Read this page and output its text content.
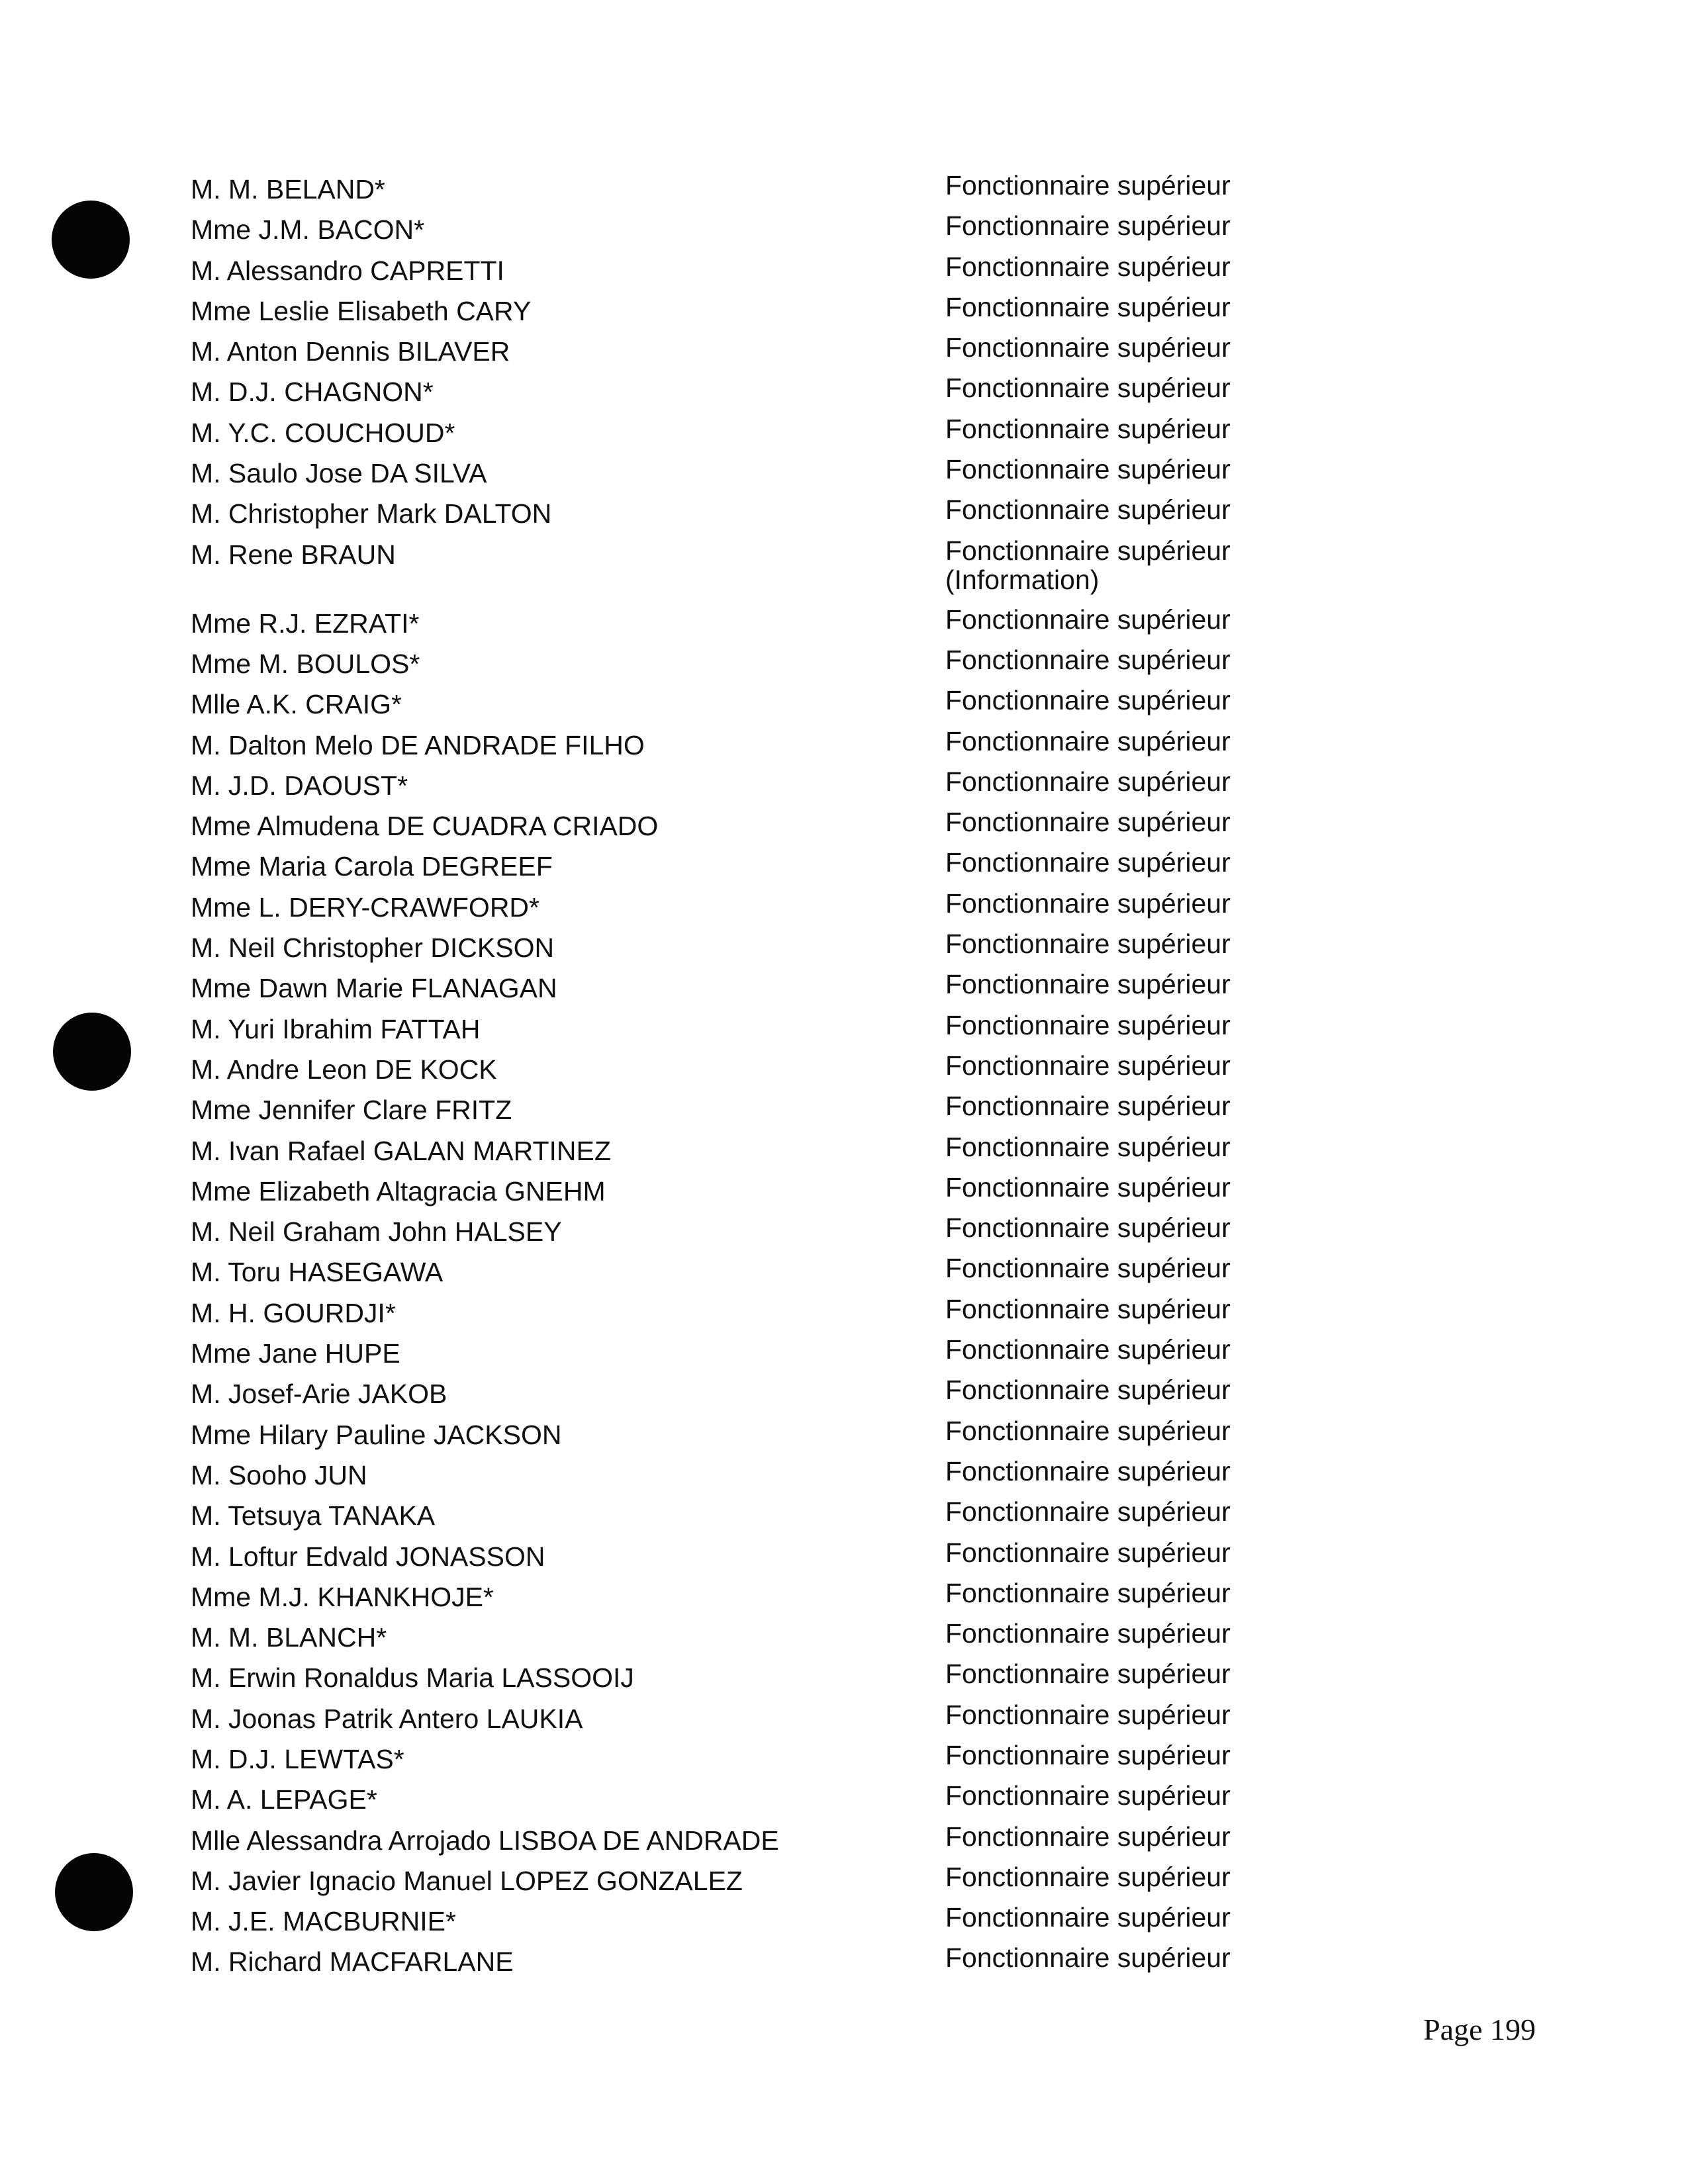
M. M. BELAND*	Fonctionnaire supérieur
Mme J.M. BACON*	Fonctionnaire supérieur
M. Alessandro CAPRETTI	Fonctionnaire supérieur
Mme Leslie Elisabeth CARY	Fonctionnaire supérieur
M. Anton Dennis BILAVER	Fonctionnaire supérieur
M. D.J. CHAGNON*	Fonctionnaire supérieur
M. Y.C. COUCHOUD*	Fonctionnaire supérieur
M. Saulo Jose DA SILVA	Fonctionnaire supérieur
M. Christopher Mark DALTON	Fonctionnaire supérieur
M. Rene BRAUN	Fonctionnaire supérieur
(Information)
Mme R.J. EZRATI*	Fonctionnaire supérieur
Mme M. BOULOS*	Fonctionnaire supérieur
Mlle A.K. CRAIG*	Fonctionnaire supérieur
M. Dalton Melo DE ANDRADE FILHO	Fonctionnaire supérieur
M. J.D. DAOUST*	Fonctionnaire supérieur
Mme Almudena DE CUADRA CRIADO	Fonctionnaire supérieur
Mme Maria Carola DEGREEF	Fonctionnaire supérieur
Mme L. DERY-CRAWFORD*	Fonctionnaire supérieur
M. Neil Christopher DICKSON	Fonctionnaire supérieur
Mme Dawn Marie FLANAGAN	Fonctionnaire supérieur
M. Yuri Ibrahim FATTAH	Fonctionnaire supérieur
M. Andre Leon DE KOCK	Fonctionnaire supérieur
Mme Jennifer Clare FRITZ	Fonctionnaire supérieur
M. Ivan Rafael GALAN MARTINEZ	Fonctionnaire supérieur
Mme Elizabeth Altagracia GNEHM	Fonctionnaire supérieur
M. Neil Graham John HALSEY	Fonctionnaire supérieur
M. Toru HASEGAWA	Fonctionnaire supérieur
M. H. GOURDJI*	Fonctionnaire supérieur
Mme Jane HUPE	Fonctionnaire supérieur
M. Josef-Arie JAKOB	Fonctionnaire supérieur
Mme Hilary Pauline JACKSON	Fonctionnaire supérieur
M. Sooho JUN	Fonctionnaire supérieur
M. Tetsuya TANAKA	Fonctionnaire supérieur
M. Loftur Edvald JONASSON	Fonctionnaire supérieur
Mme M.J. KHANKHOJE*	Fonctionnaire supérieur
M. M. BLANCH*	Fonctionnaire supérieur
M. Erwin Ronaldus Maria LASSOOIJ	Fonctionnaire supérieur
M. Joonas Patrik Antero LAUKIA	Fonctionnaire supérieur
M. D.J. LEWTAS*	Fonctionnaire supérieur
M. A. LEPAGE*	Fonctionnaire supérieur
Mlle Alessandra Arrojado LISBOA DE ANDRADE	Fonctionnaire supérieur
M. Javier Ignacio Manuel LOPEZ GONZALEZ	Fonctionnaire supérieur
M. J.E. MACBURNIE*	Fonctionnaire supérieur
M. Richard MACFARLANE	Fonctionnaire supérieur
Page 199
